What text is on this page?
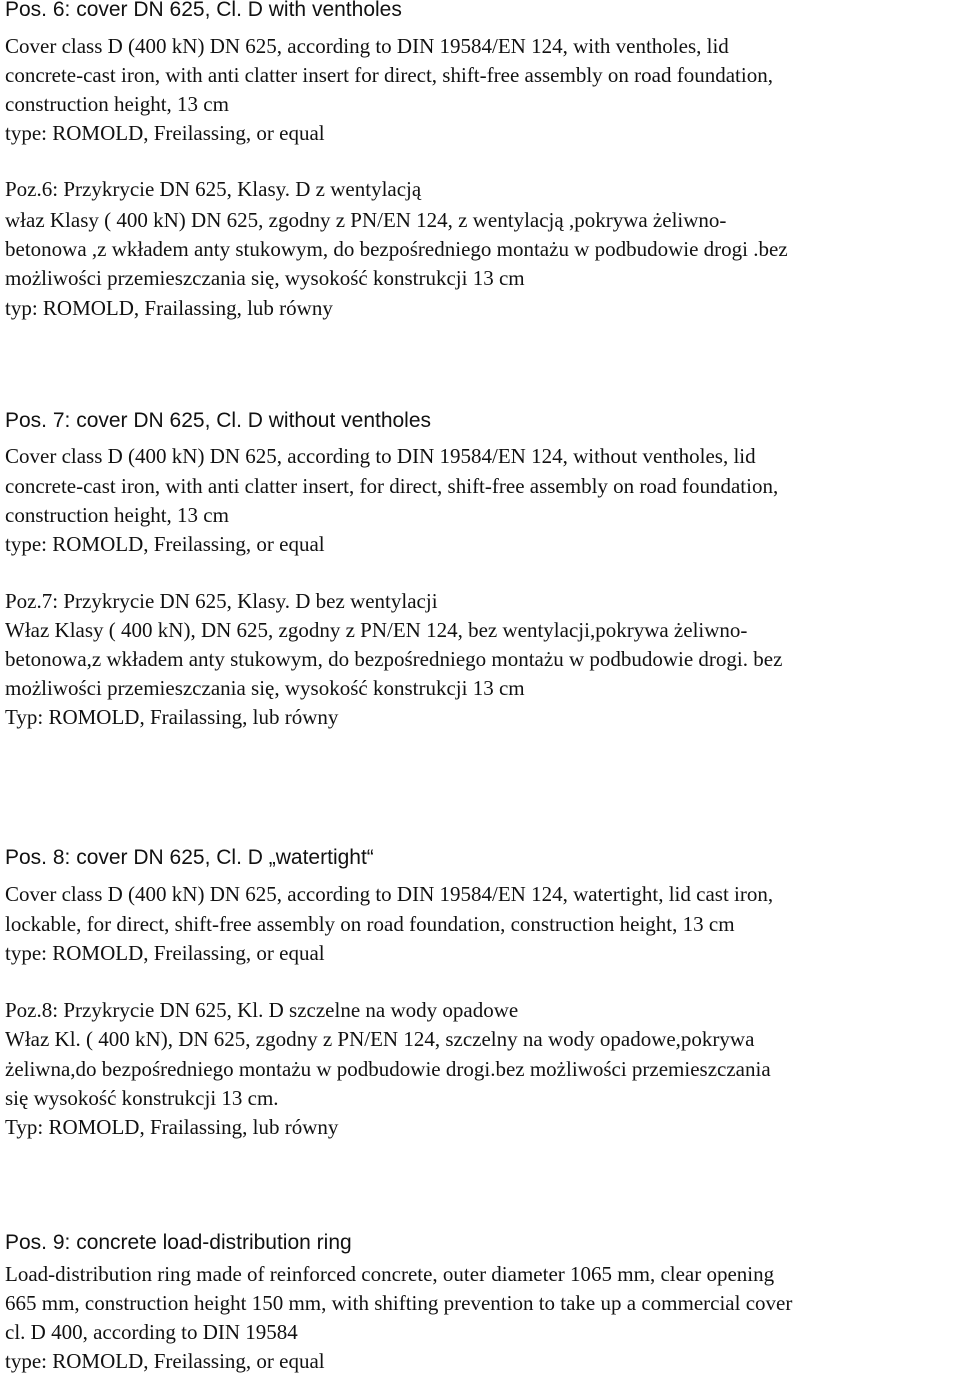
Pos. 6: cover DN 625, Cl. D with ventholes
Cover class D (400 kN) DN 625, according to DIN 19584/EN 124, with ventholes, lid
concrete-cast iron, with anti clatter insert for direct, shift-free assembly on road foundation,
construction height, 13 cm
type: ROMOLD, Freilassing, or equal
Poz.6: Przykrycie DN 625, Klasy. D z wentylacją
właz Klasy ( 400 kN) DN 625, zgodny z PN/EN 124, z wentylacją ,pokrywa żeliwno-
betonowa ,z wkładem anty stukowym, do bezpośredniego montażu w podbudowie drogi .bez
możliwości przemieszczania się, wysokość konstrukcji 13 cm
typ: ROMOLD, Frailassing, lub równy
Pos. 7: cover DN 625, Cl. D without ventholes
Cover class D (400 kN) DN 625, according to DIN 19584/EN 124, without ventholes, lid
concrete-cast iron, with anti clatter insert, for direct, shift-free assembly on road foundation,
construction height, 13 cm
type: ROMOLD, Freilassing, or equal
Poz.7: Przykrycie DN 625, Klasy. D bez wentylacji
Właz Klasy ( 400 kN), DN 625, zgodny z PN/EN 124, bez wentylacji,pokrywa żeliwno-
betonowa,z wkładem anty stukowym, do bezpośredniego montażu w podbudowie drogi. bez
możliwości przemieszczania się, wysokość konstrukcji 13 cm
Typ: ROMOLD, Frailassing, lub równy
Pos. 8: cover DN 625, Cl. D „watertight“
Cover class D (400 kN) DN 625, according to DIN 19584/EN 124, watertight, lid cast iron,
lockable, for direct, shift-free assembly on road foundation, construction height, 13 cm
type: ROMOLD, Freilassing, or equal
Poz.8: Przykrycie DN 625, Kl. D szczelne na wody opadowe
Właz Kl. ( 400 kN), DN 625, zgodny z PN/EN 124, szczelny na wody opadowe,pokrywa
żeliwna,do bezpośredniego montażu w podbudowie drogi.bez możliwości przemieszczania
się wysokość konstrukcji 13 cm.
Typ: ROMOLD, Frailassing, lub równy
Pos. 9: concrete load-distribution ring
Load-distribution ring made of reinforced concrete, outer diameter 1065 mm, clear opening
665 mm, construction height 150 mm, with shifting prevention to take up a commercial cover
cl. D 400, according to DIN 19584
type: ROMOLD, Freilassing, or equal
